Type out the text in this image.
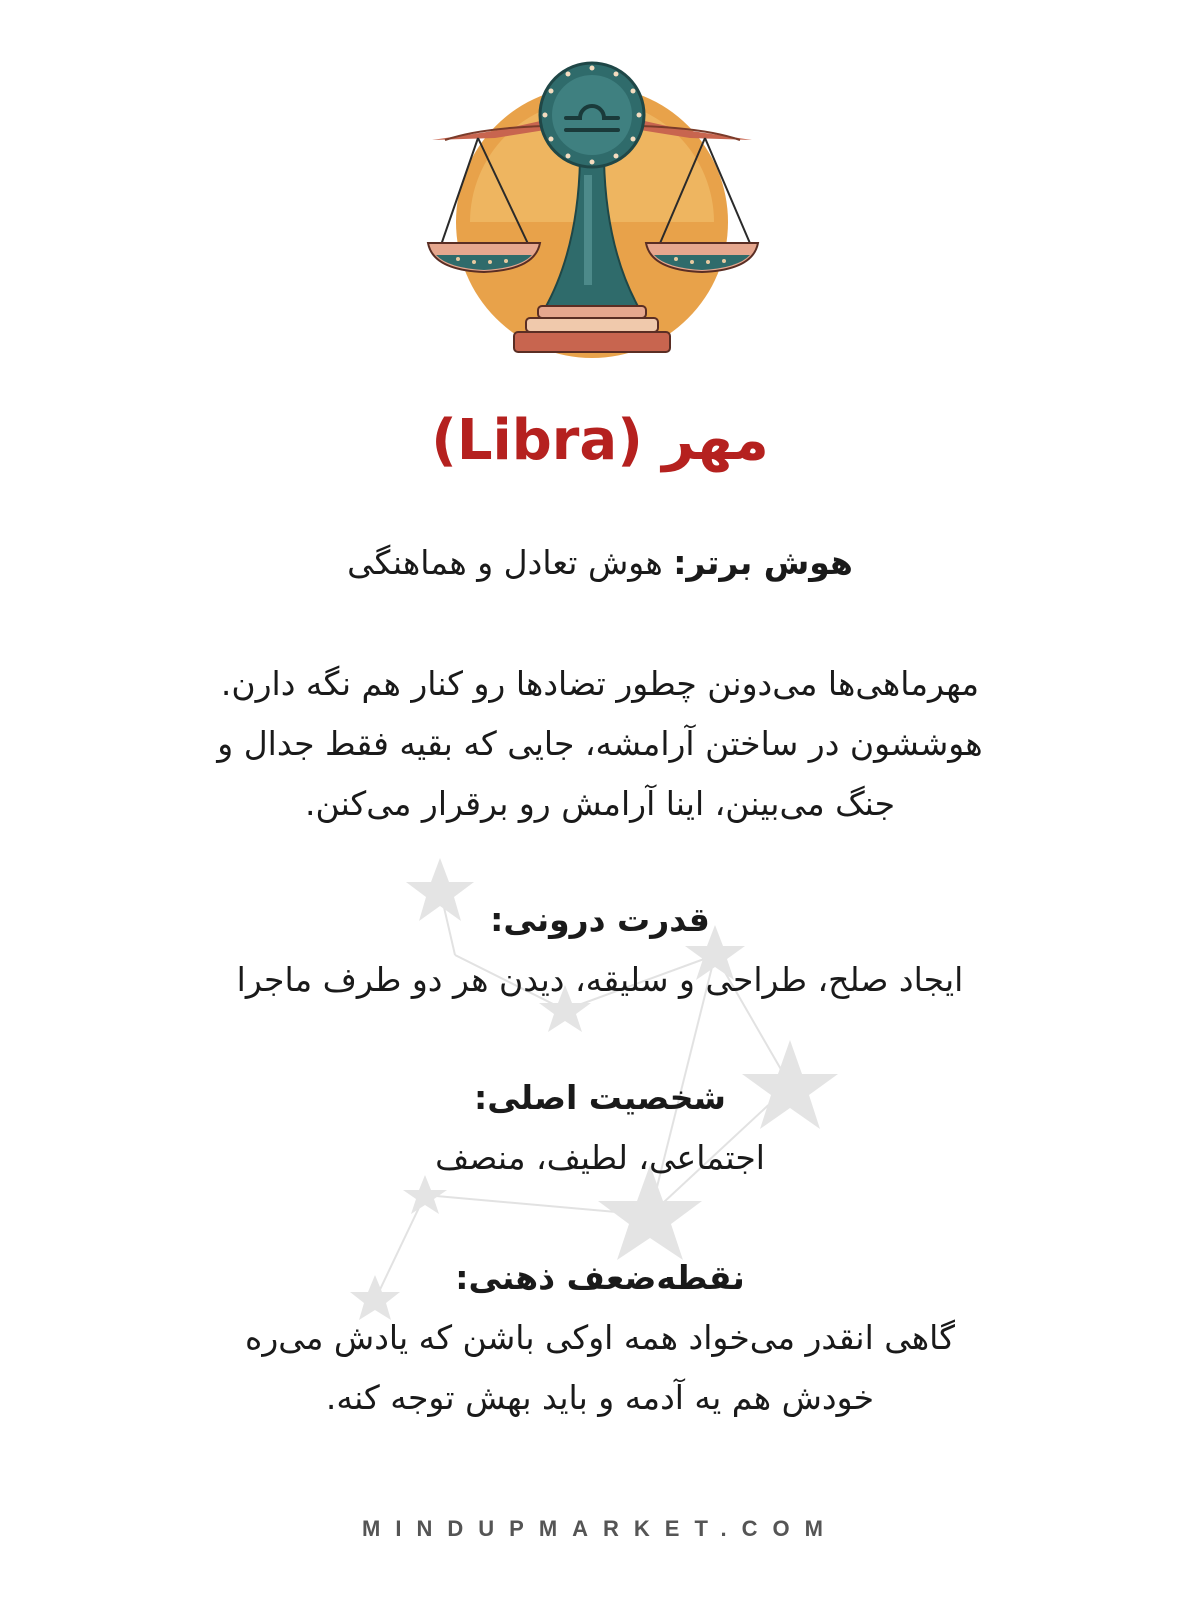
مهر (Libra)
هوش برتر: هوش تعادل و هماهنگی
مهرماهی‌ها می‌دونن چطور تضادها رو کنار هم نگه دارن.
هوششون در ساختن آرامشه، جایی که بقیه فقط جدال و
جنگ می‌بینن، اینا آرامش رو برقرار می‌کنن.
قدرت درونی:
ایجاد صلح، طراحی و سلیقه، دیدن هر دو طرف ماجرا
شخصیت اصلی:
اجتماعی، لطیف، منصف
نقطه‌ضعف ذهنی:
گاهی انقدر می‌خواد همه اوکی باشن که یادش می‌ره
خودش هم یه آدمه و باید بهش توجه کنه.
MINDUPMARKET.COM
